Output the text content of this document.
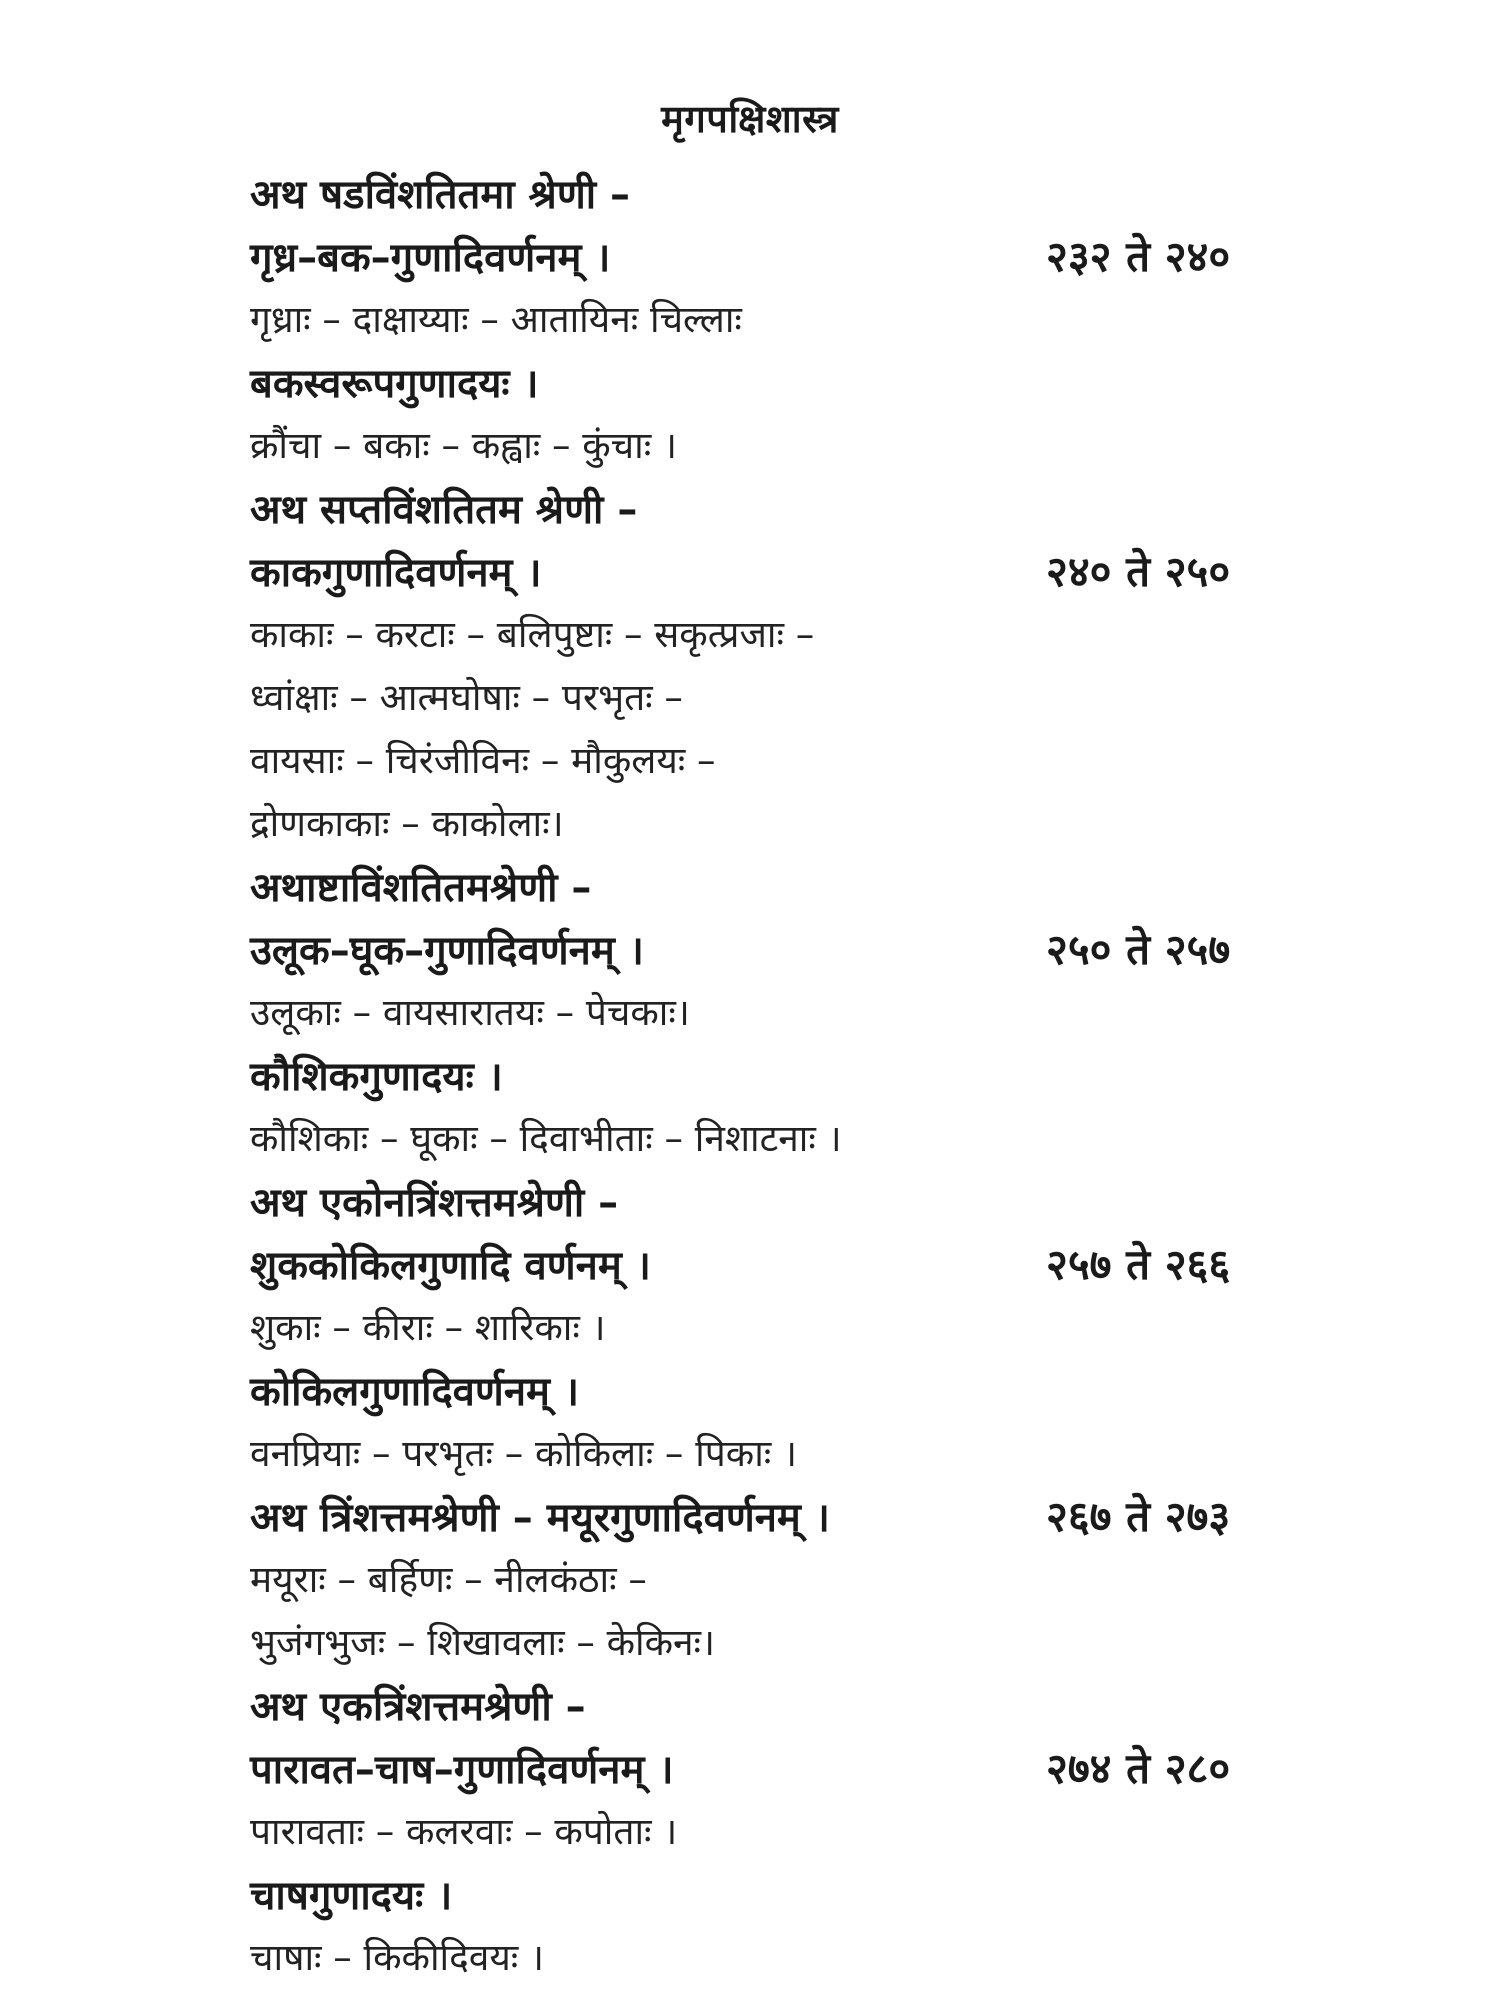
मृगपक्षिशास्त्र
अथ षडविंशतितमा श्रेणी –
गृध्र–बक–गुणादिवर्णनम् ।	२३२ ते २४०
गृध्राः – दाक्षाय्याः – आतायिनः चिल्लाः
बकस्वरूपगुणादयः ।
क्रौंचा – बकाः – कह्वाः – कुंचाः ।
अथ सप्तविंशतितम श्रेणी –
काकगुणादिवर्णनम् ।	२४० ते २५०
काकाः – करटाः – बलिपुष्टाः – सकृत्प्रजाः –
ध्वांक्षाः – आत्मघोषाः – परभृतः –
वायसाः – चिरंजीविनः – मौकुलयः –
द्रोणकाकाः – काकोलाः।
अथाष्टाविंशतितमश्रेणी –
उलूक–घूक–गुणादिवर्णनम् ।	२५० ते २५७
उलूकाः – वायसारातयः – पेचकाः।
कौशिकगुणादयः ।
कौशिकाः – घूकाः – दिवाभीताः – निशाटनाः ।
अथ एकोनत्रिंशत्तमश्रेणी –
शुककोकिलगुणादि वर्णनम् ।	२५७ ते २६६
शुकाः – कीराः – शारिकाः ।
कोकिलगुणादिवर्णनम् ।
वनप्रियाः – परभृतः – कोकिलाः – पिकाः ।
अथ त्रिंशत्तमश्रेणी – मयूरगुणादिवर्णनम् ।	२६७ ते २७३
मयूराः – बर्हिणः – नीलकंठाः –
भुजंगभुजः – शिखावलाः – केकिनः।
अथ एकत्रिंशत्तमश्रेणी –
पारावत–चाष–गुणादिवर्णनम् ।	२७४ ते २८०
पारावताः – कलरवाः – कपोताः ।
चाषगुणादयः ।
चाषाः – किकीदिवयः ।
